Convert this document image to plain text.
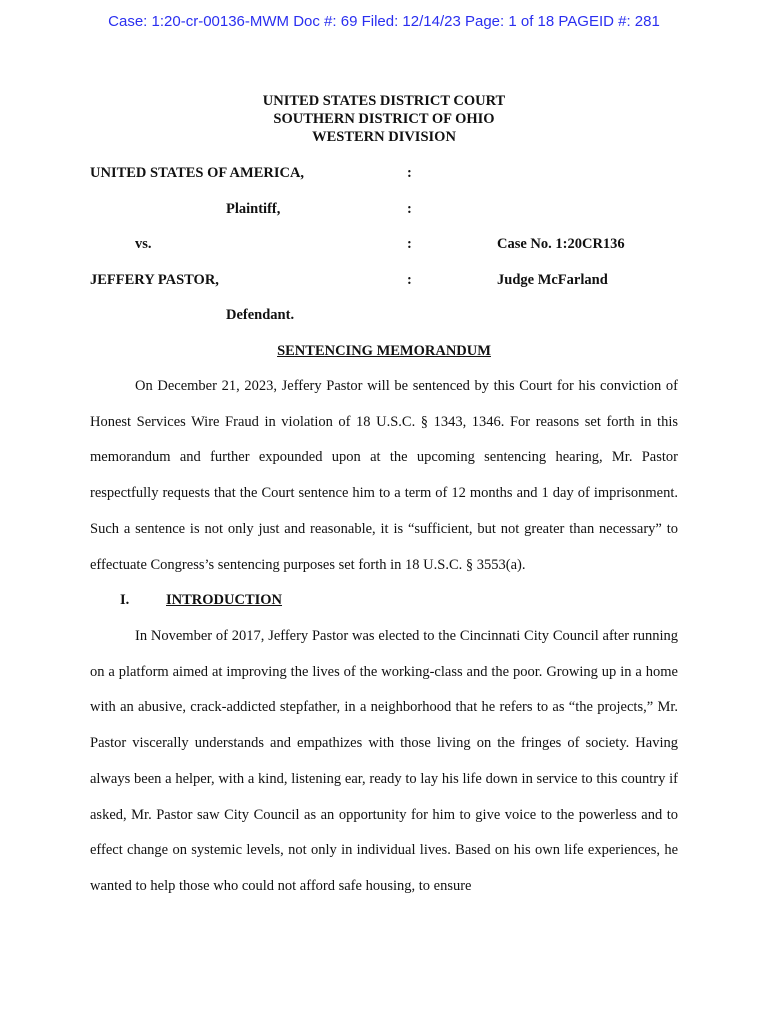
Case: 1:20-cr-00136-MWM Doc #: 69 Filed: 12/14/23 Page: 1 of 18 PAGEID #: 281
UNITED STATES DISTRICT COURT
SOUTHERN DISTRICT OF OHIO
WESTERN DIVISION
UNITED STATES OF AMERICA,	:
Plaintiff,	:
vs.	:	Case No. 1:20CR136
JEFFERY PASTOR,	:	Judge McFarland
Defendant.
SENTENCING MEMORANDUM

On December 21, 2023, Jeffery Pastor will be sentenced by this Court for his conviction of Honest Services Wire Fraud in violation of 18 U.S.C. § 1343, 1346. For reasons set forth in this memorandum and further expounded upon at the upcoming sentencing hearing, Mr. Pastor respectfully requests that the Court sentence him to a term of 12 months and 1 day of imprisonment. Such a sentence is not only just and reasonable, it is “sufficient, but not greater than necessary” to effectuate Congress’s sentencing purposes set forth in 18 U.S.C. § 3553(a).

I.	INTRODUCTION

In November of 2017, Jeffery Pastor was elected to the Cincinnati City Council after running on a platform aimed at improving the lives of the working-class and the poor. Growing up in a home with an abusive, crack-addicted stepfather, in a neighborhood that he refers to as “the projects,” Mr. Pastor viscerally understands and empathizes with those living on the fringes of society. Having always been a helper, with a kind, listening ear, ready to lay his life down in service to this country if asked, Mr. Pastor saw City Council as an opportunity for him to give voice to the powerless and to effect change on systemic levels, not only in individual lives. Based on his own life experiences, he wanted to help those who could not afford safe housing, to ensure
